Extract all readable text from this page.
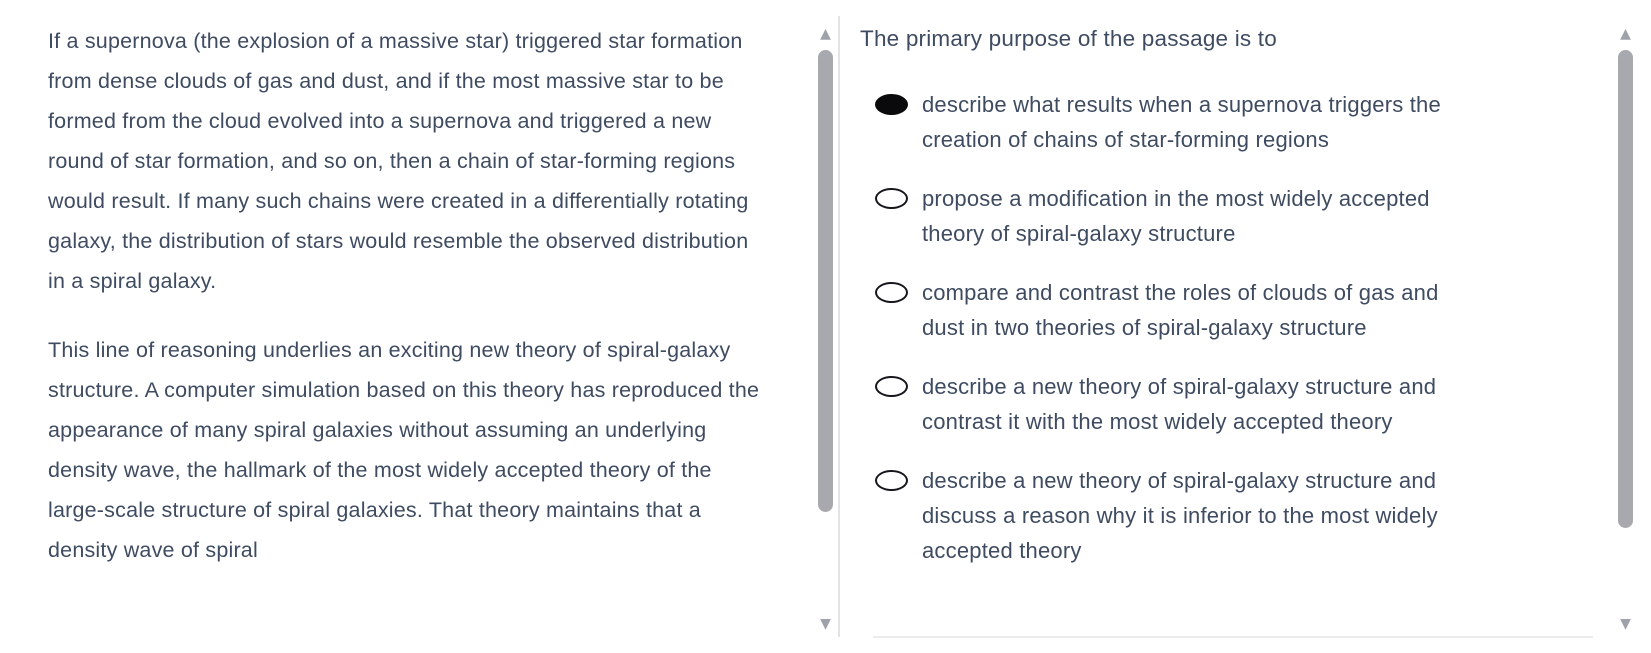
If a supernova (the explosion of a massive star) triggered star formation from dense clouds of gas and dust, and if the most massive star to be formed from the cloud evolved into a supernova and triggered a new round of star formation, and so on, then a chain of star-forming regions would result. If many such chains were created in a differentially rotating galaxy, the distribution of stars would resemble the observed distribution in a spiral galaxy.

This line of reasoning underlies an exciting new theory of spiral-galaxy structure. A computer simulation based on this theory has reproduced the appearance of many spiral galaxies without assuming an underlying density wave, the hallmark of the most widely accepted theory of the large-scale structure of spiral galaxies. That theory maintains that a density wave of spiral

▲
▼
The primary purpose of the passage is to
describe what results when a supernova triggers the creation of chains of star-forming regions
propose a modification in the most widely accepted theory of spiral-galaxy structure
compare and contrast the roles of clouds of gas and dust in two theories of spiral-galaxy structure
describe a new theory of spiral-galaxy structure and contrast it with the most widely accepted theory
describe a new theory of spiral-galaxy structure and discuss a reason why it is inferior to the most widely accepted theory
▲
▼
